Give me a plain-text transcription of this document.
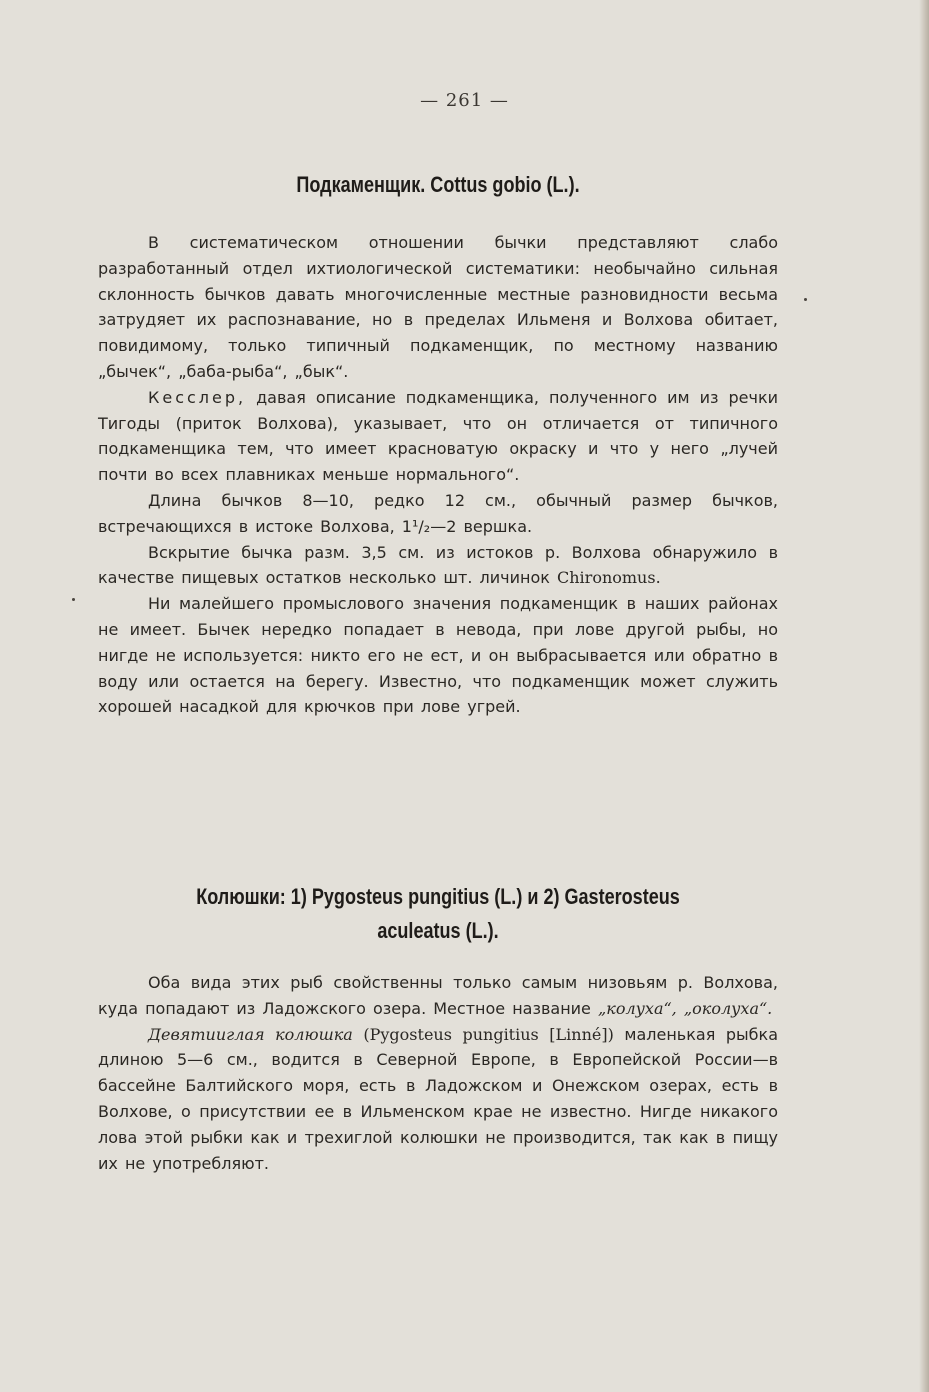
— 261 —
Подкаменщик. Cottus gobio (L.).

В систематическом отношении бычки представляют слабо разработанный отдел ихтиологической систематики: необычайно сильная склонность бычков давать многочисленные местные разновидности весьма затрудяет их распознавание, но в пределах Ильменя и Волхова обитает, повидимому, только типичный подкаменщик, по местному названию „бычек“, „баба-рыба“, „бык“.

Кесслер, давая описание подкаменщика, полученного им из речки Тигоды (приток Волхова), указывает, что он отличается от типичного подкаменщика тем, что имеет красноватую окраску и что у него „лучей почти во всех плавниках меньше нормального“.

Длина бычков 8—10, редко 12 см., обычный размер бычков, встречающихся в истоке Волхова, 1¹/₂—2 вершка.

Вскрытие бычка разм. 3,5 см. из истоков р. Волхова обнаружило в качестве пищевых остатков несколько шт. личинок Chironomus.

Ни малейшего промыслового значения подкаменщик в наших районах не имеет. Бычек нередко попадает в невода, при лове другой рыбы, но нигде не используется: никто его не ест, и он выбрасывается или обратно в воду или остается на берегу. Известно, что подкаменщик может служить хорошей насадкой для крючков при лове угрей.

Колюшки: 1) Pygosteus pungitius (L.) и 2) Gasterosteus
aculeatus (L.).

Оба вида этих рыб свойственны только самым низовьям р. Волхова, куда попадают из Ладожского озера. Местное название „колуха“, „околуха“.

Девятииглая колюшка (Pygosteus pungitius [Linné]) маленькая рыбка длиною 5—6 см., водится в Северной Европе, в Европейской России—в бассейне Балтийского моря, есть в Ладожском и Онежском озерах, есть в Волхове, о присутствии ее в Ильменском крае не известно. Нигде никакого лова этой рыбки как и трехиглой колюшки не производится, так как в пищу их не употребляют.
